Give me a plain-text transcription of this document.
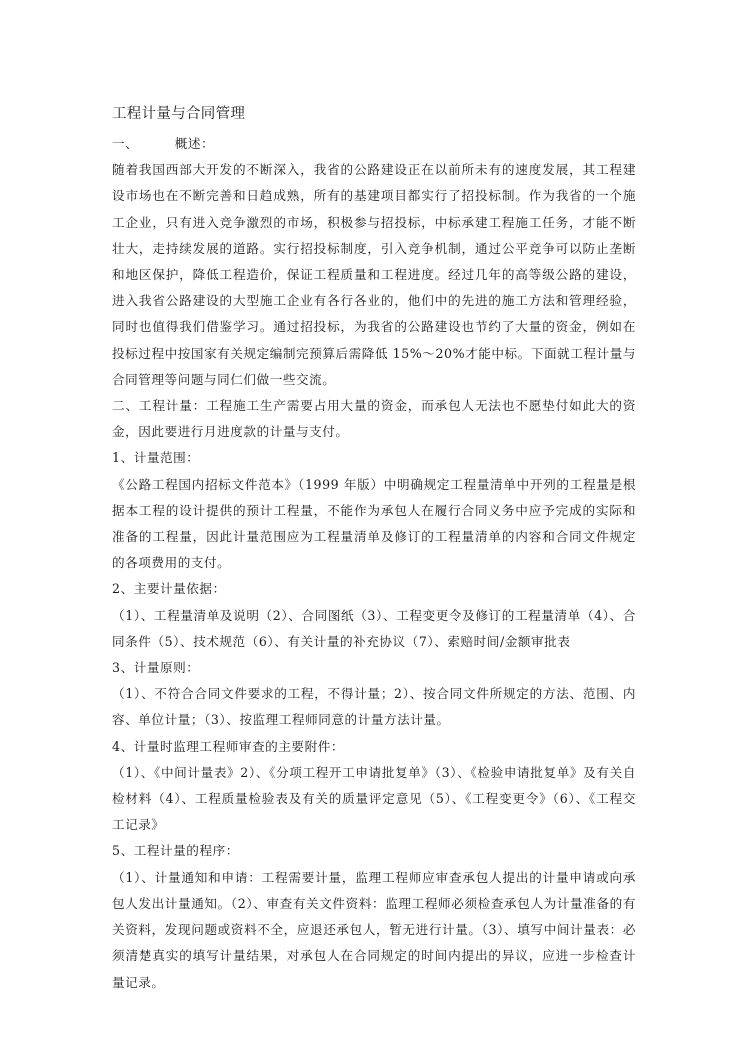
工程计量与合同管理

一、        概述：

随着我国西部大开发的不断深入，我省的公路建设正在以前所未有的速度发展，其工程建设市场也在不断完善和日趋成熟，所有的基建项目都实行了招投标制。作为我省的一个施工企业，只有进入竞争激烈的市场，积极参与招投标，中标承建工程施工任务，才能不断壮大，走持续发展的道路。实行招投标制度，引入竞争机制，通过公平竞争可以防止垄断和地区保护，降低工程造价，保证工程质量和工程进度。经过几年的高等级公路的建设，进入我省公路建设的大型施工企业有各行各业的，他们中的先进的施工方法和管理经验，同时也值得我们借鉴学习。通过招投标，为我省的公路建设也节约了大量的资金，例如在投标过程中按国家有关规定编制完预算后需降低 15%～20%才能中标。下面就工程计量与合同管理等问题与同仁们做一些交流。

二、工程计量：工程施工生产需要占用大量的资金，而承包人无法也不愿垫付如此大的资金，因此要进行月进度款的计量与支付。

1、计量范围：

《公路工程国内招标文件范本》（1999 年版）中明确规定工程量清单中开列的工程量是根据本工程的设计提供的预计工程量，不能作为承包人在履行合同义务中应予完成的实际和准备的工程量，因此计量范围应为工程量清单及修订的工程量清单的内容和合同文件规定的各项费用的支付。

2、主要计量依据：

（1）、工程量清单及说明（2）、合同图纸（3）、工程变更令及修订的工程量清单（4）、合同条件（5）、技术规范（6）、有关计量的补充协议（7）、索赔时间/金额审批表

3、计量原则：

（1）、不符合合同文件要求的工程，不得计量；2）、按合同文件所规定的方法、范围、内容、单位计量；（3）、按监理工程师同意的计量方法计量。

4、计量时监理工程师审查的主要附件：

（1）、《中间计量表》2）、《分项工程开工申请批复单》（3）、《检验申请批复单》及有关自检材料（4）、工程质量检验表及有关的质量评定意见（5）、《工程变更令》（6）、《工程交工记录》

5、工程计量的程序：

（1）、计量通知和申请：工程需要计量，监理工程师应审查承包人提出的计量申请或向承包人发出计量通知。（2）、审查有关文件资料：监理工程师必须检查承包人为计量准备的有关资料，发现问题或资料不全，应退还承包人，暂无进行计量。（3）、填写中间计量表：必须清楚真实的填写计量结果，对承包人在合同规定的时间内提出的异议，应进一步检查计量记录。
